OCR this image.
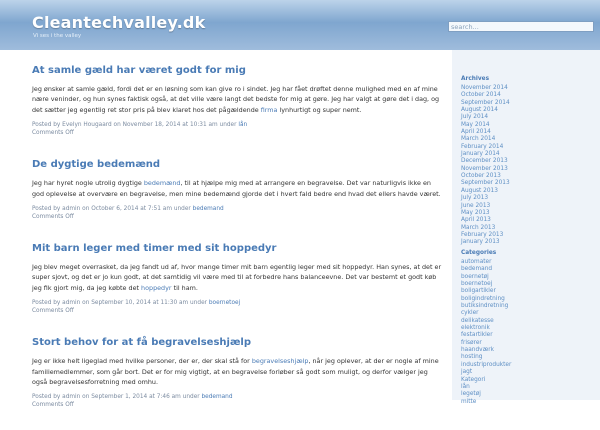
Cleantechvalley.dk
Vi ses i the valley
search...
At samle gæld har været godt for mig

Jeg ønsker at samle gæld, fordi det er en løsning som kan give ro i sindet. Jeg har fået drøftet denne mulighed med en af mine nære veninder, og hun synes faktisk også, at det ville være langt det bedste for mig at gøre. Jeg har valgt at gøre det i dag, og det sætter jeg egentlig ret stor pris på blev klaret hos det pågældende firma lynhurtigt og super nemt.

Posted by Evelyn Hougaard on November 18, 2014 at 10:31 am under lån
Comments Off
De dygtige bedemænd

Jeg har hyret nogle utrolig dygtige bedemænd, til at hjælpe mig med at arrangere en begravelse. Det var naturligvis ikke en god oplevelse at overvære en begravelse, men mine bedemænd gjorde det i hvert fald bedre end hvad det ellers havde været.

Posted by admin on October 6, 2014 at 7:51 am under bedemand
Comments Off
Mit barn leger med timer med sit hoppedyr

Jeg blev meget overrasket, da jeg fandt ud af, hvor mange timer mit barn egentlig leger med sit hoppedyr. Han synes, at det er super sjovt, og det er jo kun godt, at det samtidig vil være med til at forbedre hans balanceevne. Det var bestemt et godt køb jeg fik gjort mig, da jeg købte det hoppedyr til ham.

Posted by admin on September 10, 2014 at 11:30 am under boernetoej
Comments Off
Stort behov for at få begravelseshjælp

Jeg er ikke helt ligeglad med hvilke personer, der er, der skal stå for begravelseshjælp, når jeg oplever, at der er nogle af mine familiemedlemmer, som går bort. Det er for mig vigtigt, at en begravelse forløber så godt som muligt, og derfor vælger jeg også begravelsesforretning med omhu.

Posted by admin on September 1, 2014 at 7:46 am under bedemand
Comments Off
Archives
November 2014
October 2014
September 2014
August 2014
July 2014
May 2014
April 2014
March 2014
February 2014
January 2014
December 2013
November 2013
October 2013
September 2013
August 2013
July 2013
June 2013
May 2013
April 2013
March 2013
February 2013
January 2013
Categories
automater
bedemand
boernetøj
boernetoej
boligartikler
boligindretning
butiksindretning
cykler
delikatesse
elektronik
festartikler
frisører
haandværk
hosting
industriprodukter
jagt
Kategori
lån
legetøj
mitte
